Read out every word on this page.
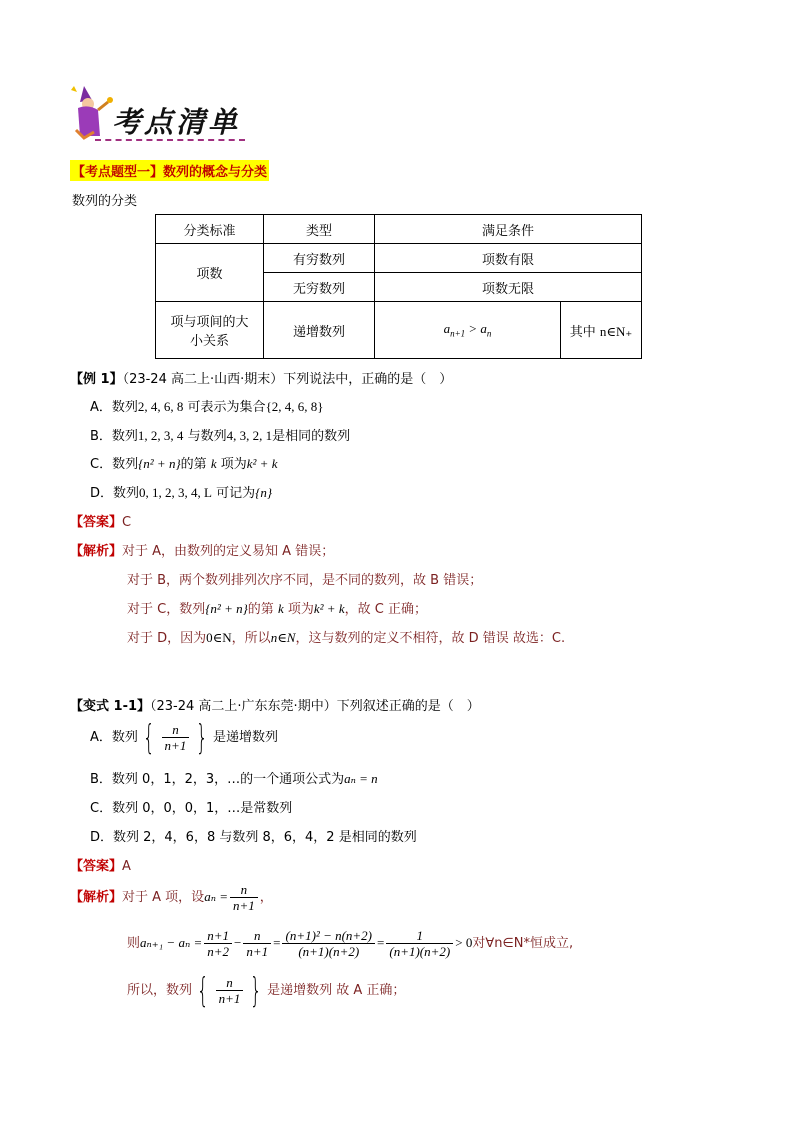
考点清单
【考点题型一】数列的概念与分类
数列的分类
分类标准	类型	满足条件	
项数	有穷数列	项数有限	
	无穷数列	项数无限	
项与项间的大
小关系	递增数列	$a_{n+1} > a_n$	其中 n∈N₊
【例 1】（23-24 高二上·山西·期末）下列说法中，正确的是（　）
A．数列2, 4, 6, 8 可表示为集合{2, 4, 6, 8}
B．数列1, 2, 3, 4 与数列4, 3, 2, 1是相同的数列
C．数列{n² + n}的第 k 项为k² + k
D．数列0, 1, 2, 3, 4, L 可记为{n}
【答案】C
【解析】对于 A，由数列的定义易知 A 错误；
对于 B，两个数列排列次序不同，是不同的数列，故 B 错误；
对于 C，数列{n² + n}的第 k 项为k² + k，故 C 正确；
对于 D，因为0∈N，所以n∈N，这与数列的定义不相符，故 D 错误 故选：C.
【变式 1-1】（23-24 高二上·广东东莞·期中）下列叙述正确的是（　）
A．数列 { $\frac{n}{n+1}$ } 是递增数列
B．数列 0，1，2，3，…的一个通项公式为aₙ = n
C．数列 0，0，0，1，…是常数列
D．数列 2，4，6，8 与数列 8，6，4，2 是相同的数列
【答案】A
【解析】对于 A 项，设$a_n = \frac{n}{n+1}$ ，
则$a_{n+1} - a_n = \frac{n+1}{n+2} - \frac{n}{n+1} = \frac{\text{(n+1)² − n(n+2)}}{(n+1)(n+2)} = \frac{1}{(n+1)(n+2)} > 0$对∀n∈N*恒成立,
所以，数列 { $\frac{n}{n+1}$ } 是递增数列 故 A 正确；
